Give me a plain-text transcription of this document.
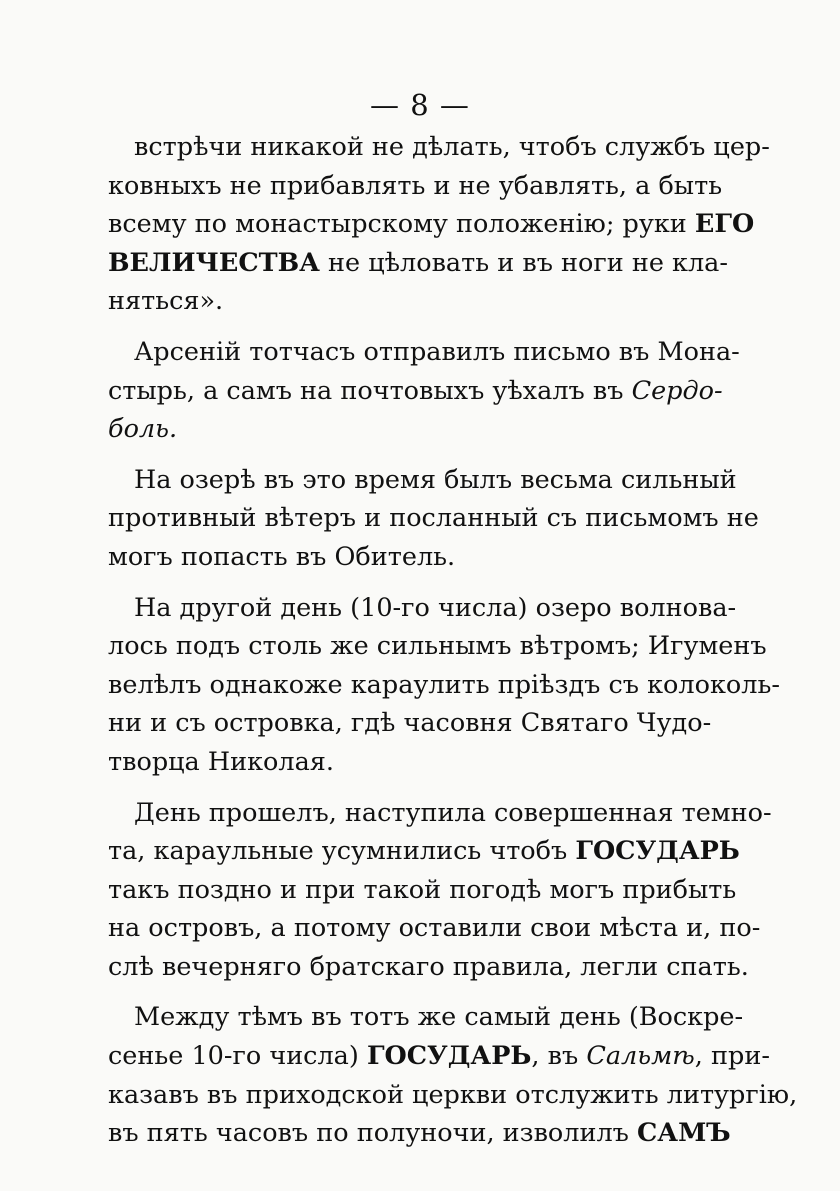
— 8 —
встрѣчи никакой не дѣлать, чтобъ службъ цер-
ковныхъ не прибавлять и не убавлять, а быть
всему по монастырскому положенію; руки ЕГО
ВЕЛИЧЕСТВА не цѣловать и въ ноги не кла-
няться».
Арсеній тотчасъ отправилъ письмо въ Мона-
стырь, а самъ на почтовыхъ уѣхалъ въ Сердо-
боль.
На озерѣ въ это время былъ весьма сильный
противный вѣтеръ и посланный съ письмомъ не
могъ попасть въ Обитель.
На другой день (10-го числа) озеро волнова-
лось подъ столь же сильнымъ вѣтромъ; Игуменъ
велѣлъ однакоже караулить пріѣздъ съ колоколь-
ни и съ островка, гдѣ часовня Святаго Чудо-
творца Николая.
День прошелъ, наступила совершенная темно-
та, караульные усумнились чтобъ ГОСУДАРЬ
такъ поздно и при такой погодѣ могъ прибыть
на островъ, а потому оставили свои мѣста и, по-
слѣ вечерняго братскаго правила, легли спать.
Между тѣмъ въ тотъ же самый день (Воскре-
сенье 10-го числа) ГОСУДАРЬ, въ Сальмѣ, при-
казавъ въ приходской церкви отслужить литургію,
въ пять часовъ по полуночи, изволилъ САМЪ
